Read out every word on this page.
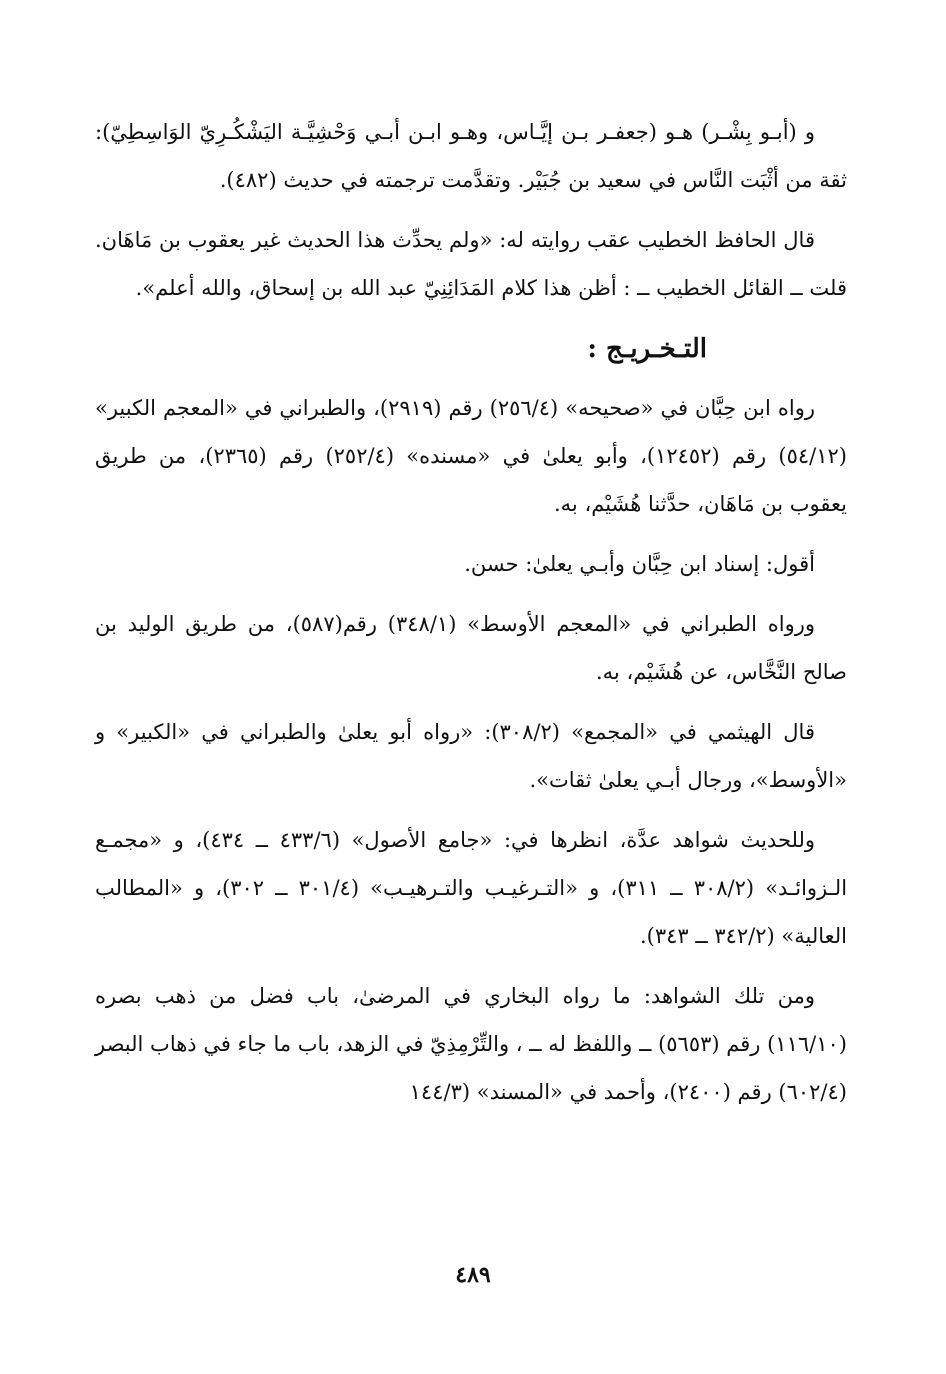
و (أبـو بِشْـر) هـو (جعفـر بـن إيَّـاس، وهـو ابـن أبـي وَحْشِيَّـة اليَشْكُـرِيّ الوَاسِطِيّ): ثقة من أثْبَت النَّاس في سعيد بن جُبَيْر. وتقدَّمت ترجمته في حديث (٤٨٢).

قال الحافظ الخطيب عقب روايته له: «ولم يحدِّث هذا الحديث غير يعقوب بن مَاهَان. قلت ــ القائل الخطيب ــ : أظن هذا كلام المَدَائِنِيّ عبد الله بن إسحاق، والله أعلم».

التـخـريـج :

رواه ابن حِبَّان في «صحيحه» (٢٥٦/٤) رقم (٢٩١٩)، والطبراني في «المعجم الكبير» (٥٤/١٢) رقم (١٢٤٥٢)، وأبو يعلىٰ في «مسنده» (٢٥٢/٤) رقم (٢٣٦٥)، من طريق يعقوب بن مَاهَان، حدَّثنا هُشَيْم، به.

أقول: إسناد ابن حِبَّان وأبـي يعلىٰ: حسن.

ورواه الطبراني في «المعجم الأوسط» (٣٤٨/١) رقم(٥٨٧)، من طريق الوليد بن صالح النَّخَّاس، عن هُشَيْم، به.

قال الهيثمي في «المجمع» (٣٠٨/٢): «رواه أبو يعلىٰ والطبراني في «الكبير» و «الأوسط»، ورجال أبـي يعلىٰ ثقات».

وللحديث شواهد عدَّة، انظرها في: «جامع الأصول» (٤٣٣/٦ ــ ٤٣٤)، و «مجمـع الـزوائـد» (٣٠٨/٢ ــ ٣١١)، و «التـرغيـب والتـرهيـب» (٣٠١/٤ ــ ٣٠٢)، و «المطالب العالية» (٣٤٢/٢ ــ ٣٤٣).

ومن تلك الشواهد: ما رواه البخاري في المرضىٰ، باب فضل من ذهب بصره (١١٦/١٠) رقم (٥٦٥٣) ــ واللفظ له ــ ، والتِّرْمِذِيّ في الزهد، باب ما جاء في ذهاب البصر (٦٠٢/٤) رقم (٢٤٠٠)، وأحمد في «المسند» (١٤٤/٣

٤٨٩
